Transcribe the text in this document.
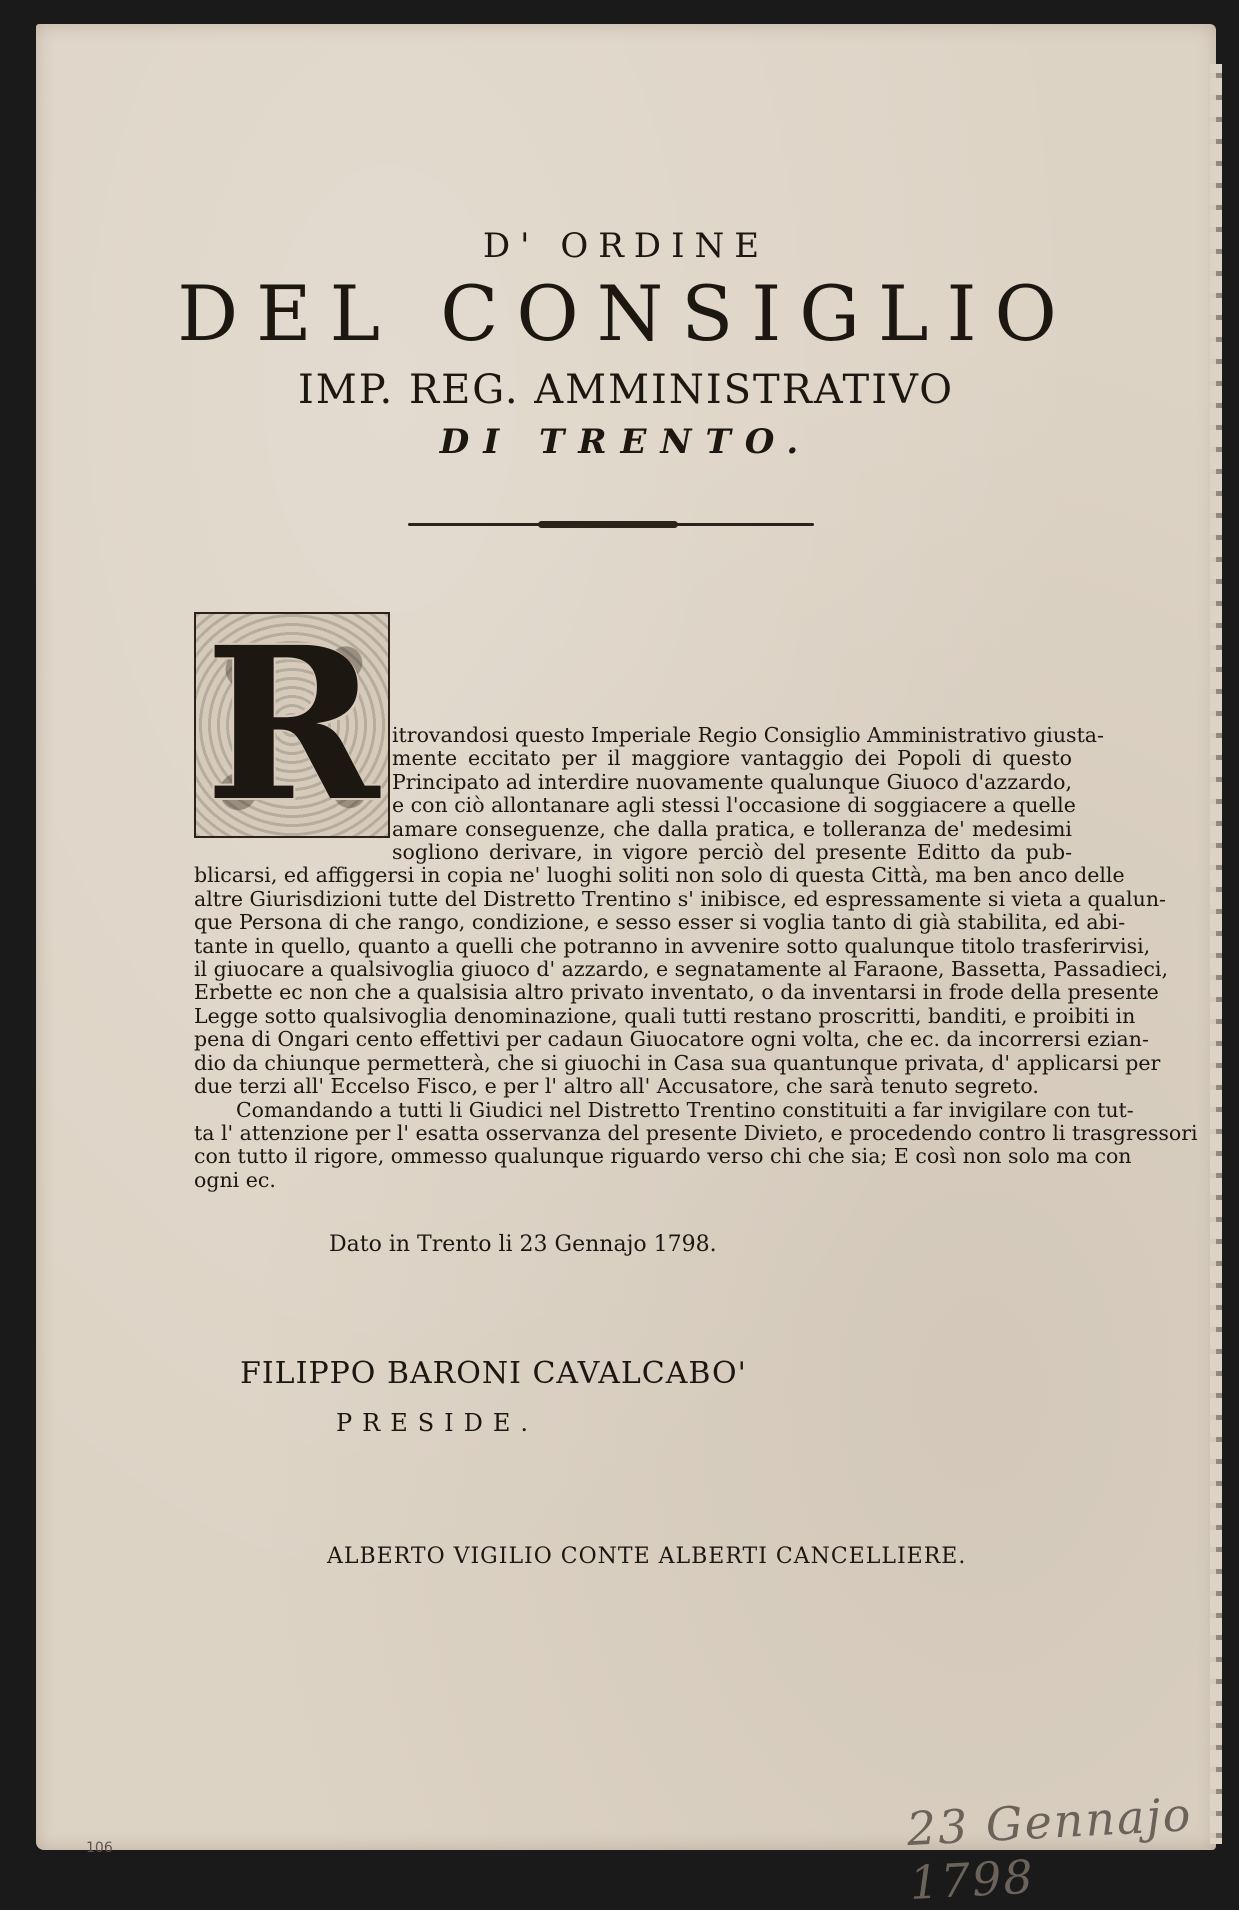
D' ORDINE
DEL CONSIGLIO
IMP. REG. AMMINISTRATIVO
DI TRENTO.
R itrovandosi questo Imperiale Regio Consiglio Amministrativo giusta-
mente eccitato per il maggiore vantaggio dei Popoli di questo
Principato ad interdire nuovamente qualunque Giuoco d'azzardo,
e con ciò allontanare agli stessi l'occasione di soggiacere a quelle
amare conseguenze, che dalla pratica, e tolleranza de' medesimi
sogliono derivare, in vigore perciò del presente Editto da pub-
blicarsi, ed affiggersi in copia ne' luoghi soliti non solo di questa Città, ma ben anco delle
altre Giurisdizioni tutte del Distretto Trentino s' inibisce, ed espressamente si vieta a qualun-
que Persona di che rango, condizione, e sesso esser si voglia tanto di già stabilita, ed abi-
tante in quello, quanto a quelli che potranno in avvenire sotto qualunque titolo trasferirvisi,
il giuocare a qualsivoglia giuoco d' azzardo, e segnatamente al Faraone, Bassetta, Passadieci,
Erbette ec non che a qualsisia altro privato inventato, o da inventarsi in frode della presente
Legge sotto qualsivoglia denominazione, quali tutti restano proscritti, banditi, e proibiti in
pena di Ongari cento effettivi per cadaun Giuocatore ogni volta, che ec. da incorrersi ezian-
dio da chiunque permetterà, che si giuochi in Casa sua quantunque privata, d' applicarsi per
due terzi all' Eccelso Fisco, e per l' altro all' Accusatore, che sarà tenuto segreto.
Comandando a tutti li Giudici nel Distretto Trentino constituiti a far invigilare con tut-
ta l' attenzione per l' esatta osservanza del presente Divieto, e procedendo contro li trasgressori
con tutto il rigore, ommesso qualunque riguardo verso chi che sia; E così non solo ma con
ogni ec.
Dato in Trento li 23 Gennajo 1798.
FILIPPO BARONI CAVALCABO'
PRESIDE.
ALBERTO VIGILIO CONTE ALBERTI CANCELLIERE.
23 Gennajo 1798
106
